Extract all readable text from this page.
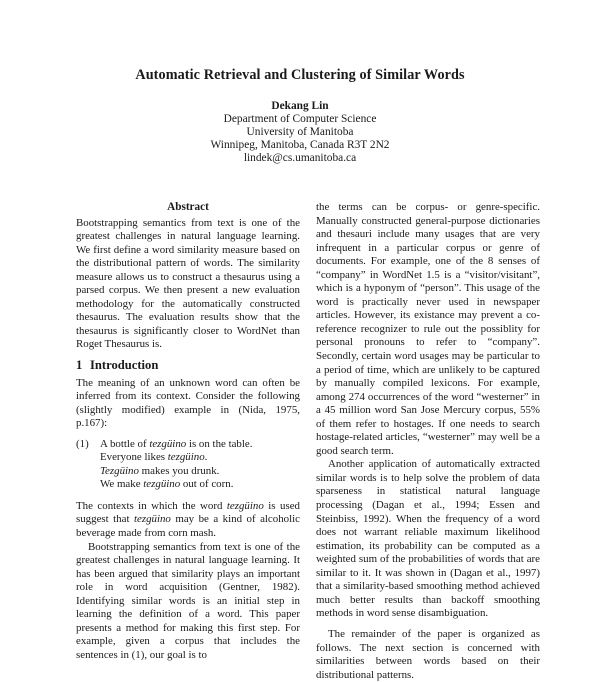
Automatic Retrieval and Clustering of Similar Words
Dekang Lin
Department of Computer Science
University of Manitoba
Winnipeg, Manitoba, Canada R3T 2N2
lindek@cs.umanitoba.ca
Abstract

Bootstrapping semantics from text is one of the greatest challenges in natural language learning. We first define a word similarity measure based on the distributional pattern of words. The similarity measure allows us to construct a thesaurus using a parsed corpus. We then present a new evaluation methodology for the automatically constructed thesaurus. The evaluation results show that the thesaurus is significantly closer to WordNet than Roget Thesaurus is.

1 Introduction

The meaning of an unknown word can often be inferred from its context. Consider the following (slightly modified) example in (Nida, 1975, p.167):

(1)	A bottle of tezgüino is on the table.
Everyone likes tezgüino.
Tezgüino makes you drunk.
We make tezgüino out of corn.

The contexts in which the word tezgüino is used suggest that tezgüino may be a kind of alcoholic beverage made from corn mash.

Bootstrapping semantics from text is one of the greatest challenges in natural language learning. It has been argued that similarity plays an important role in word acquisition (Gentner, 1982). Identifying similar words is an initial step in learning the definition of a word. This paper presents a method for making this first step. For example, given a corpus that includes the sentences in (1), our goal is to

the terms can be corpus- or genre-specific. Manually constructed general-purpose dictionaries and thesauri include many usages that are very infrequent in a particular corpus or genre of documents. For example, one of the 8 senses of “company” in WordNet 1.5 is a “visitor/visitant”, which is a hyponym of “person”. This usage of the word is practically never used in newspaper articles. However, its existance may prevent a co-reference recognizer to rule out the possiblity for personal pronouns to refer to “company”. Secondly, certain word usages may be particular to a period of time, which are unlikely to be captured by manually compiled lexicons. For example, among 274 occurrences of the word “westerner” in a 45 million word San Jose Mercury corpus, 55% of them refer to hostages. If one needs to search hostage-related articles, “westerner” may well be a good search term.

Another application of automatically extracted similar words is to help solve the problem of data sparseness in statistical natural language processing (Dagan et al., 1994; Essen and Steinbiss, 1992). When the frequency of a word does not warrant reliable maximum likelihood estimation, its probability can be computed as a weighted sum of the probabilities of words that are similar to it. It was shown in (Dagan et al., 1997) that a similarity-based smoothing method achieved much better results than backoff smoothing methods in word sense disambiguation.

The remainder of the paper is organized as follows. The next section is concerned with similarities between words based on their distributional patterns.
